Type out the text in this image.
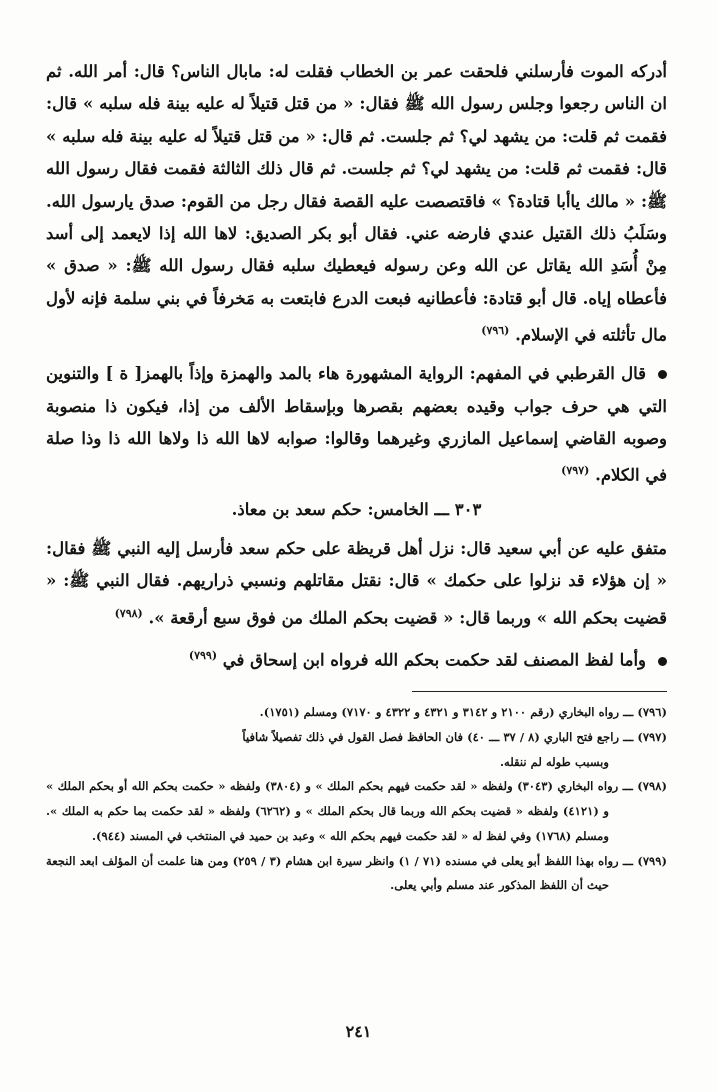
أدركه الموت فأرسلني فلحقت عمر بن الخطاب فقلت له: مابال الناس؟ قال: أمر الله. ثم ان الناس رجعوا وجلس رسول الله ﷺ فقال: « من قتل قتيلاً له عليه بينة فله سلبه » قال: فقمت ثم قلت: من يشهد لي؟ ثم جلست. ثم قال: « من قتل قتيلاً له عليه بينة فله سلبه » قال: فقمت ثم قلت: من يشهد لي؟ ثم جلست. ثم قال ذلك الثالثة فقمت فقال رسول الله ﷺ: « مالك ياأبا قتادة؟ » فاقتصصت عليه القصة فقال رجل من القوم: صدق يارسول الله. وسَلَبُ ذلك القتيل عندي فارضه عني. فقال أبو بكر الصديق: لاها الله إذا لايعمد إلى أسد مِنْ أُسَدِ الله يقاتل عن الله وعن رسوله فيعطيك سلبه فقال رسول الله ﷺ: « صدق » فأعطاه إياه. قال أبو قتادة: فأعطانيه فبعت الدرع فابتعت به مَخرفاً في بني سلمة فإنه لأول مال تأثلته في الإسلام. $^{(٧٩٦)}$

قال القرطبي في المفهم: الرواية المشهورة هاء بالمد والهمزة وإذاً بالهمز[ ة ] والتنوين التي هي حرف جواب وقيده بعضهم بقصرها وبإسقاط الألف من إذا، فيكون ذا منصوبة وصوبه القاضي إسماعيل المازري وغيرهما وقالوا: صوابه لاها الله ذا ولاها الله ذا وذا صلة في الكلام. $^{(٧٩٧)}$

٣٠٣ ـــ الخامس: حكم سعد بن معاذ.

متفق عليه عن أبي سعيد قال: نزل أهل قريظة على حكم سعد فأرسل إليه النبي ﷺ فقال: « إن هؤلاء قد نزلوا على حكمك » قال: نقتل مقاتلهم ونسبي ذراريهم. فقال النبي ﷺ: « قضيت بحكم الله » وربما قال: « قضيت بحكم الملك من فوق سبع أرقعة ». $^{(٧٩٨)}$

وأما لفظ المصنف لقد حكمت بحكم الله فرواه ابن إسحاق في $^{(٧٩٩)}$

(٧٩٦) ـــ رواه البخاري (رقم ٢١٠٠ و ٣١٤٢ و ٤٣٢١ و ٤٣٢٢ و ٧١٧٠) ومسلم (١٧٥١).

(٧٩٧) ـــ راجع فتح الباري (٨ / ٣٧ ـــ ٤٠) فان الحافظ فصل القول في ذلك تفصيلاً شافياً

وبسبب طوله لم ننقله.

(٧٩٨) ـــ رواه البخاري (٣٠٤٣) ولفظه « لقد حكمت فيهم بحكم الملك » و (٣٨٠٤) ولفظه « حكمت بحكم الله أو بحكم الملك » و (٤١٢١) ولفظه « قضيت بحكم الله وربما قال بحكم الملك » و (٦٢٦٢) ولفظه « لقد حكمت بما حكم به الملك ». ومسلم (١٧٦٨) وفي لفظ له « لقد حكمت فيهم بحكم الله » وعبد بن حميد في المنتخب في المسند (٩٤٤).

(٧٩٩) ـــ رواه بهذا اللفظ أبو يعلى في مسنده (٧١ / ١) وانظر سيرة ابن هشام (٣ / ٢٥٩) ومن هنا علمت أن المؤلف ابعد النجعة حيث أن اللفظ المذكور عند مسلم وأبي يعلى.

٢٤١
